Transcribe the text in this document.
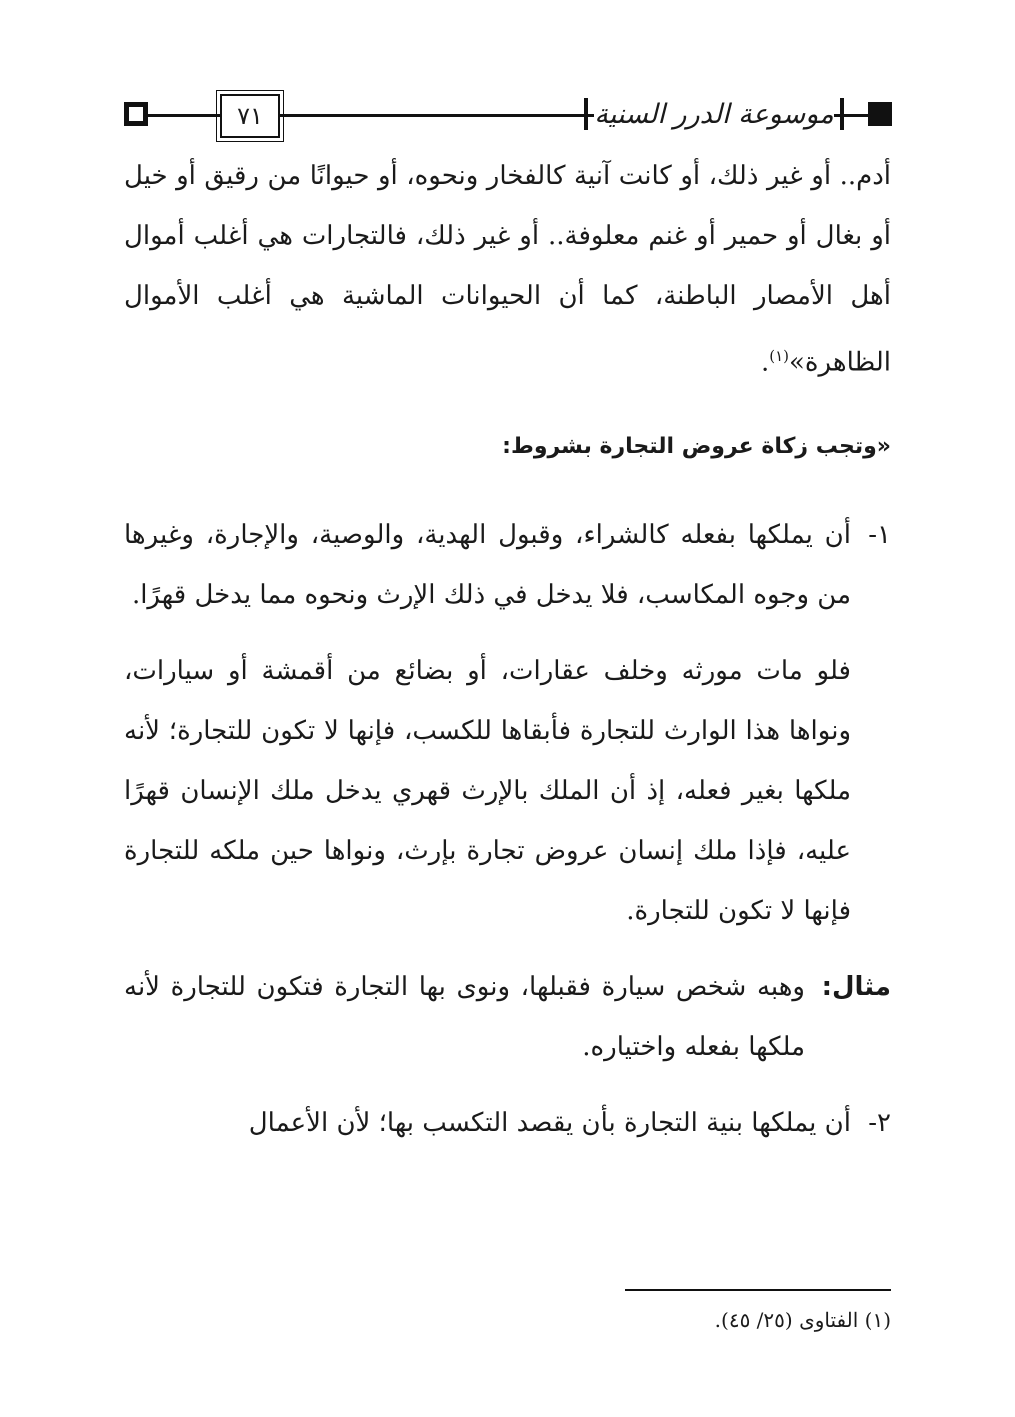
٧١	موسوعة الدرر السنية

أدم.. أو غير ذلك، أو كانت آنية كالفخار ونحوه، أو حيوانًا من رقيق أو خيل أو بغال أو حمير أو غنم معلوفة.. أو غير ذلك، فالتجارات هي أغلب أموال أهل الأمصار الباطنة، كما أن الحيوانات الماشية هي أغلب الأموال الظاهرة»$^{(١)}$.

«وتجب زكاة عروض التجارة بشروط:

١-

أن يملكها بفعله كالشراء، وقبول الهدية، والوصية، والإجارة، وغيرها من وجوه المكاسب، فلا يدخل في ذلك الإرث ونحوه مما يدخل قهرًا.

فلو مات مورثه وخلف عقارات، أو بضائع من أقمشة أو سيارات، ونواها هذا الوارث للتجارة فأبقاها للكسب، فإنها لا تكون للتجارة؛ لأنه ملكها بغير فعله، إذ أن الملك بالإرث قهري يدخل ملك الإنسان قهرًا عليه، فإذا ملك إنسان عروض تجارة بإرث، ونواها حين ملكه للتجارة فإنها لا تكون للتجارة.

مثال:

وهبه شخص سيارة فقبلها، ونوى بها التجارة فتكون للتجارة لأنه ملكها بفعله واختياره.

٢-

أن يملكها بنية التجارة بأن يقصد التكسب بها؛ لأن الأعمال

(١) الفتاوى (٢٥/ ٤٥).
